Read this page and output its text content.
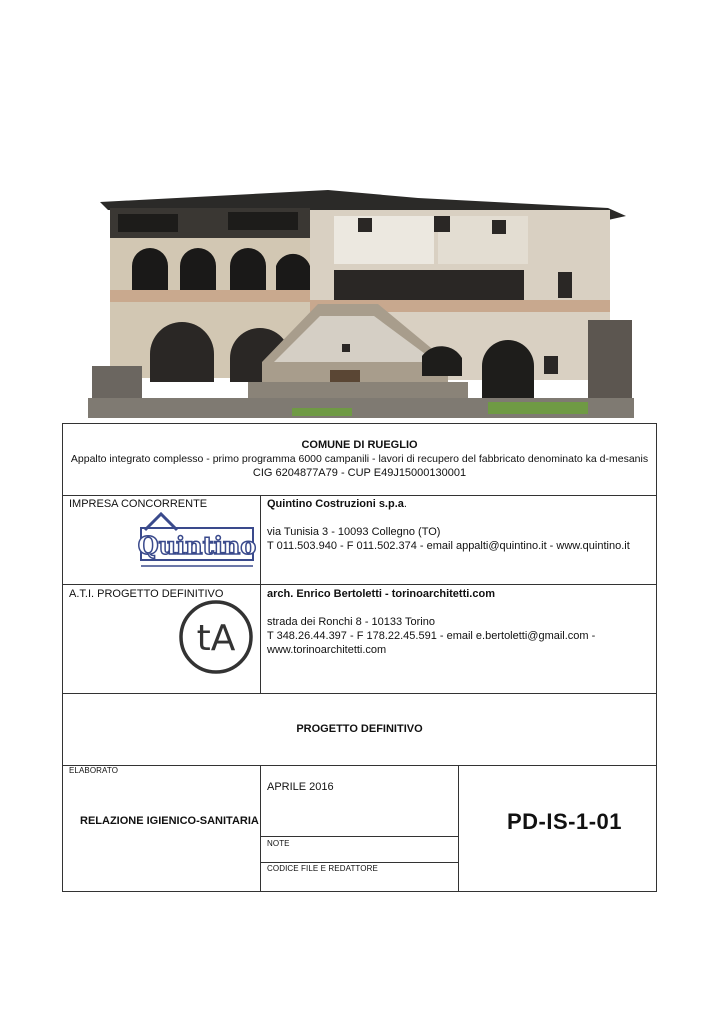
COMUNE DI RUEGLIO
Appalto integrato complesso - primo programma 6000 campanili - lavori di recupero del fabbricato denominato ka d-mesanis
CIG 6204877A79 - CUP E49J15000130001
IMPRESA CONCORRENTE
Quintino
Quintino Costruzioni s.p.a.
via Tunisia 3 - 10093 Collegno (TO)
T 011.503.940 - F 011.502.374 - email appalti@quintino.it - www.quintino.it
A.T.I. PROGETTO DEFINITIVO
tA
arch. Enrico Bertoletti - torinoarchitetti.com
strada dei Ronchi 8 - 10133 Torino
T 348.26.44.397 - F 178.22.45.591 - email e.bertoletti@gmail.com -
www.torinoarchitetti.com
PROGETTO DEFINITIVO
ELABORATO
RELAZIONE IGIENICO-SANITARIA
APRILE 2016
NOTE
CODICE FILE E REDATTORE
PD-IS-1-01
